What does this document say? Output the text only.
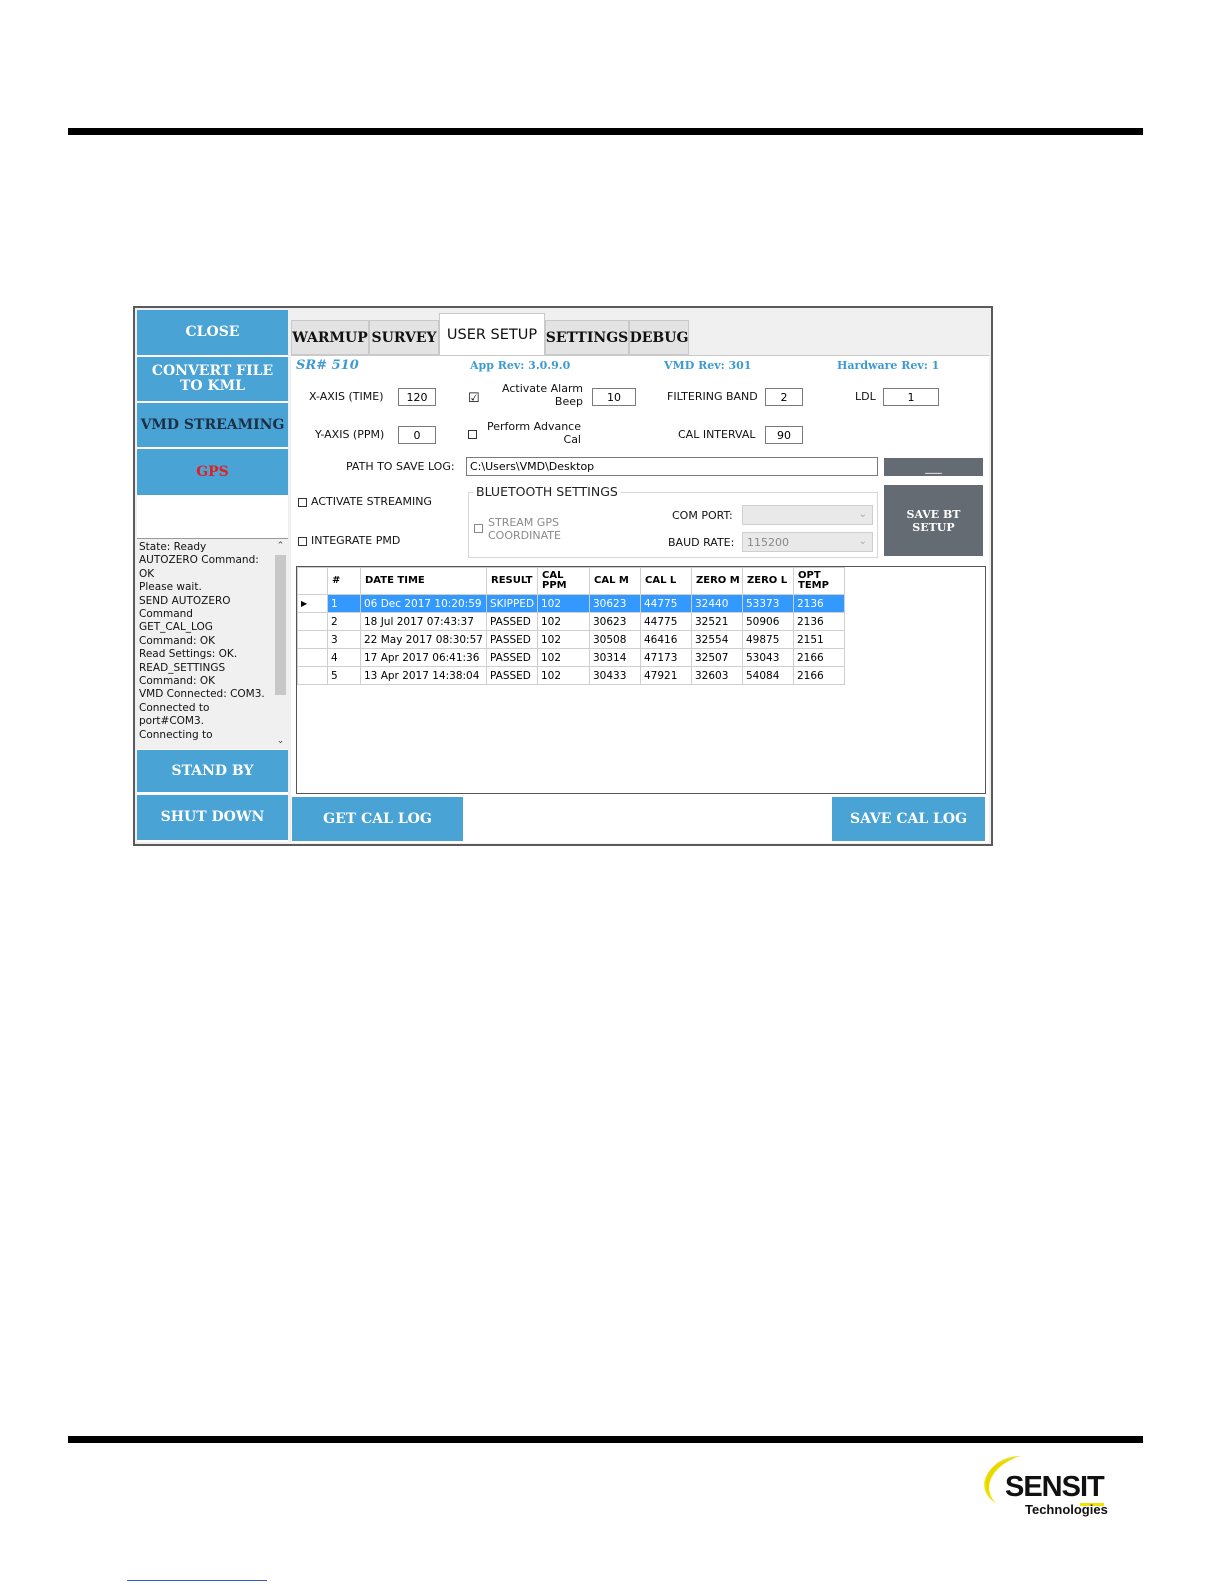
CLOSE
CONVERT FILE TO KML
VMD STREAMING
GPS
State: Ready
AUTOZERO Command: OK
Please wait.
SEND AUTOZERO Command
GET_CAL_LOG Command: OK
Read Settings: OK.
READ_SETTINGS Command: OK
VMD Connected: COM3.
Connected to port#COM3.
Connecting to
⌃
⌄
STAND BY
SHUT DOWN
WARMUP SURVEY USER SETUP SETTINGS DEBUG
SR# 510	App Rev: 3.0.9.0	VMD Rev: 301	Hardware Rev: 1
X-AXIS (TIME)	120	☑
Activate Alarm
Beep	10	FILTERING BAND	2	LDL	1
Y-AXIS (PPM)	0
Perform Advance
Cal	CAL INTERVAL	90
PATH TO SAVE LOG:	C:\Users\VMD\Desktop	___
ACTIVATE STREAMING
INTEGRATE PMD
BLUETOOTH SETTINGS
STREAM GPS
COORDINATE
COM PORT:	⌄
BAUD RATE: 115200	⌄
SAVE BT
SETUP
	#	DATE TIME	RESULT	CAL PPM	CAL M	CAL L	ZERO M	ZERO L	OPT TEMP
▶	1	06 Dec 2017 10:20:59	SKIPPED	102	30623	44775	32440	53373	2136
	2	18 Jul 2017 07:43:37	PASSED	102	30623	44775	32521	50906	2136
	3	22 May 2017 08:30:57	PASSED	102	30508	46416	32554	49875	2151
	4	17 Apr 2017 06:41:36	PASSED	102	30314	47173	32507	53043	2166
	5	13 Apr 2017 14:38:04	PASSED	102	30433	47921	32603	54084	2166
GET CAL LOG	SAVE CAL LOG
SENSIT
Technologies
